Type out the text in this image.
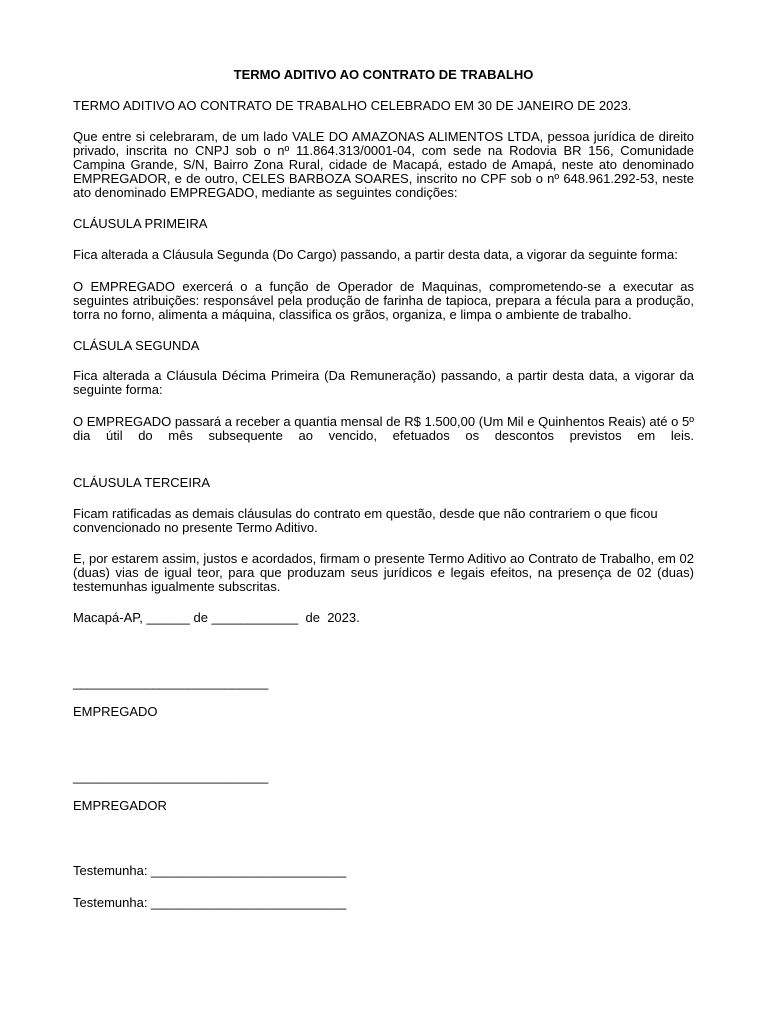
TERMO ADITIVO AO CONTRATO DE TRABALHO

TERMO ADITIVO AO CONTRATO DE TRABALHO CELEBRADO EM 30 DE JANEIRO DE 2023.

Que entre si celebraram, de um lado VALE DO AMAZONAS ALIMENTOS LTDA, pessoa jurídica de direito privado, inscrita no CNPJ sob o nº 11.864.313/0001-04, com sede na Rodovia BR 156, Comunidade Campina Grande, S/N, Bairro Zona Rural, cidade de Macapá, estado de Amapá, neste ato denominado EMPREGADOR, e de outro, CELES BARBOZA SOARES, inscrito no CPF sob o nº 648.961.292-53, neste ato denominado EMPREGADO, mediante as seguintes condições:

CLÁUSULA PRIMEIRA

Fica alterada a Cláusula Segunda (Do Cargo) passando, a partir desta data, a vigorar da seguinte forma:

O EMPREGADO exercerá o a função de Operador de Maquinas, comprometendo-se a executar as seguintes atribuições: responsável pela produção de farinha de tapioca, prepara a fécula para a produção, torra no forno, alimenta a máquina, classifica os grãos, organiza, e limpa o ambiente de trabalho.

CLÁSULA SEGUNDA

Fica alterada a Cláusula Décima Primeira (Da Remuneração) passando, a partir desta data, a vigorar da seguinte forma:

O EMPREGADO passará a receber a quantia mensal de R$ 1.500,00 (Um Mil e Quinhentos Reais) até o 5º dia útil do mês subsequente ao vencido, efetuados os descontos previstos em leis.

CLÁUSULA TERCEIRA

Ficam ratificadas as demais cláusulas do contrato em questão, desde que não contrariem o que ficou

convencionado no presente Termo Aditivo.

E, por estarem assim, justos e acordados, firmam o presente Termo Aditivo ao Contrato de Trabalho, em 02 (duas) vias de igual teor, para que produzam seus jurídicos e legais efeitos, na presença de 02 (duas) testemunhas igualmente subscritas.

Macapá-AP, ______ de ____________  de  2023.

___________________________

EMPREGADO

___________________________

EMPREGADOR

Testemunha: ___________________________

Testemunha: ___________________________
